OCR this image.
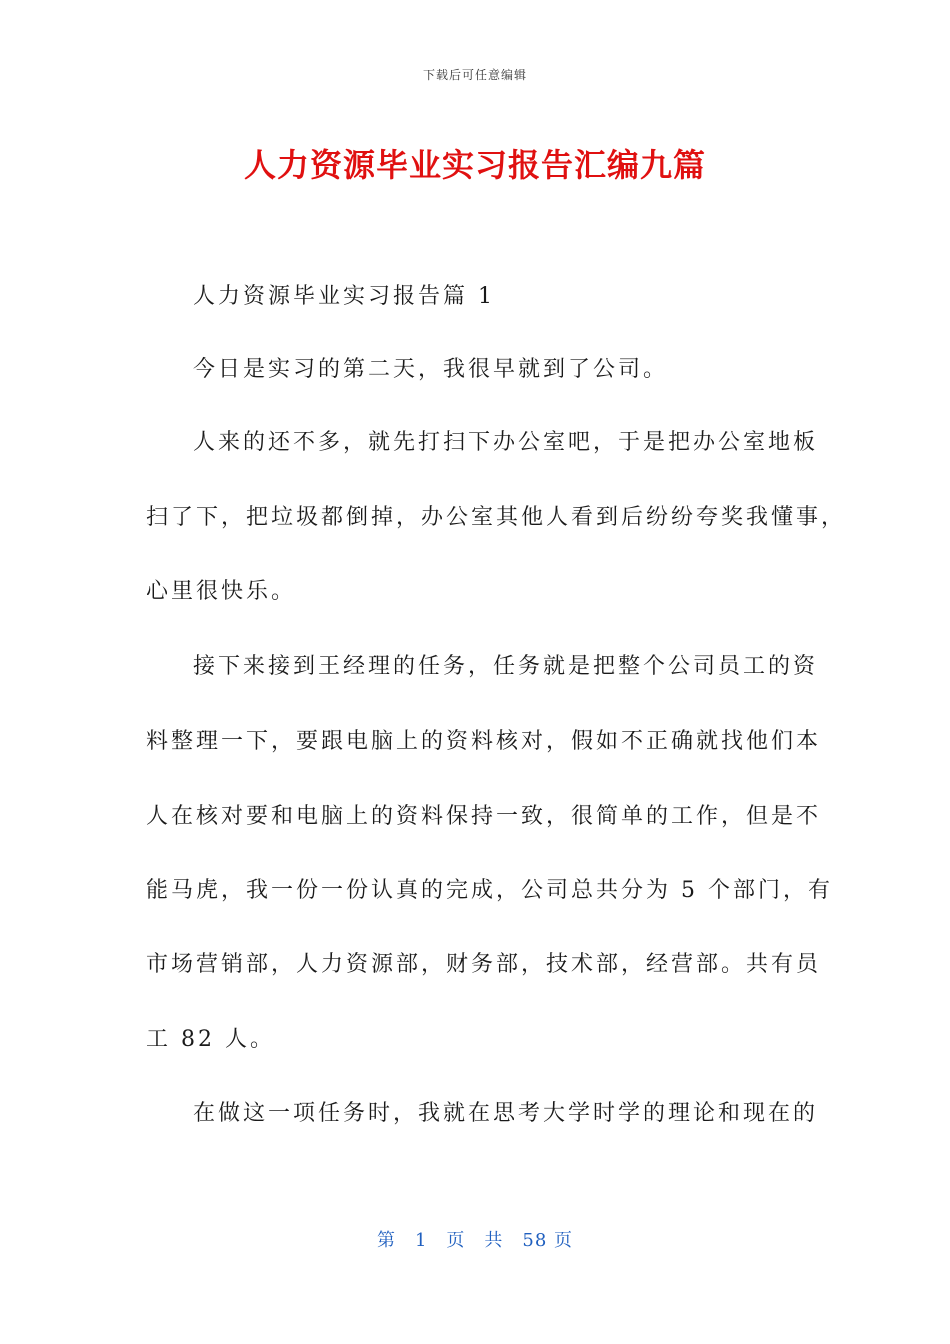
下载后可任意编辑
人力资源毕业实习报告汇编九篇
人力资源毕业实习报告篇 1
今日是实习的第二天，我很早就到了公司。
人来的还不多，就先打扫下办公室吧，于是把办公室地板
扫了下，把垃圾都倒掉，办公室其他人看到后纷纷夸奖我懂事，
心里很快乐。
接下来接到王经理的任务，任务就是把整个公司员工的资
料整理一下，要跟电脑上的资料核对，假如不正确就找他们本
人在核对要和电脑上的资料保持一致，很简单的工作，但是不
能马虎，我一份一份认真的完成，公司总共分为 5 个部门，有
市场营销部，人力资源部，财务部，技术部，经营部。共有员
工 82 人。
在做这一项任务时，我就在思考大学时学的理论和现在的
第　1　页　共　58 页
